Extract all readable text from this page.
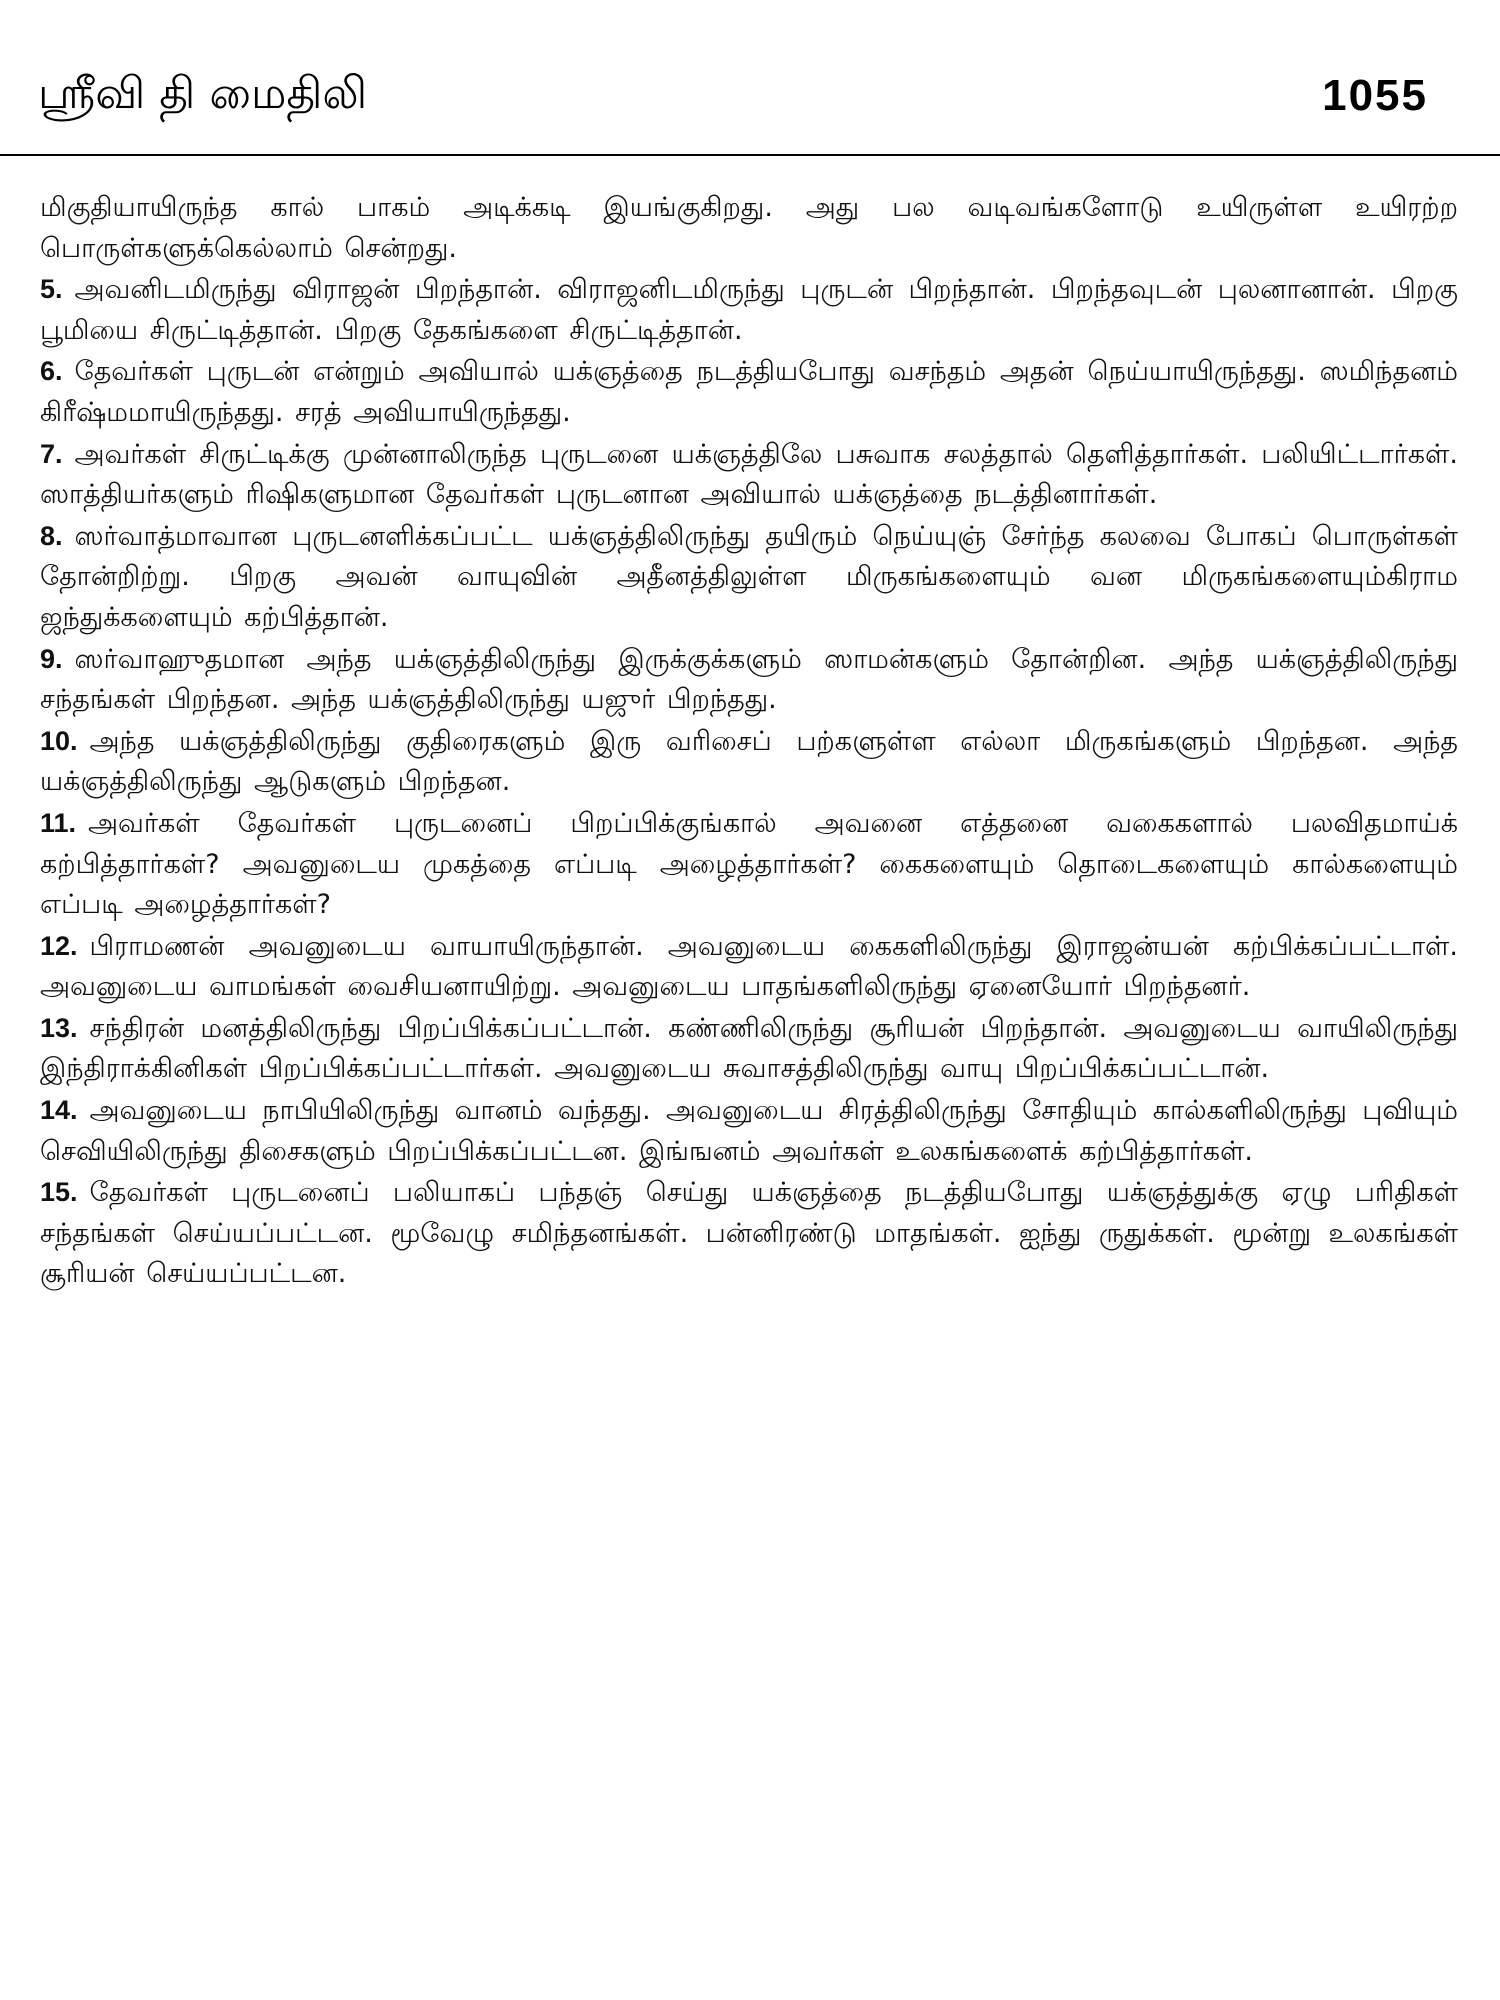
ஸ்ரீவி தி மைதிலி	1055

மிகுதியாயிருந்த கால் பாகம் அடிக்கடி இயங்குகிறது. அது பல வடிவங்களோடு உயிருள்ள உயிரற்ற பொருள்களுக்கெல்லாம் சென்றது.

5. அவனிடமிருந்து விராஜன் பிறந்தான். விராஜனிடமிருந்து புருடன் பிறந்தான். பிறந்தவுடன் புலனானான். பிறகு பூமியை சிருட்டித்தான். பிறகு தேகங்களை சிருட்டித்தான்.

6. தேவர்கள் புருடன் என்றும் அவியால் யக்ஞத்தை நடத்தியபோது வசந்தம் அதன் நெய்யாயிருந்தது. ஸமிந்தனம் கிரீஷ்மமாயிருந்தது. சரத் அவியாயிருந்தது.

7. அவர்கள் சிருட்டிக்கு முன்னாலிருந்த புருடனை யக்ஞத்திலே பசுவாக சலத்தால் தெளித்தார்கள். பலியிட்டார்கள். ஸாத்தியர்களும் ரிஷிகளுமான தேவர்கள் புருடனான அவியால் யக்ஞத்தை நடத்தினார்கள்.

8. ஸர்வாத்மாவான புருடனளிக்கப்பட்ட யக்ஞத்திலிருந்து தயிரும் நெய்யுஞ் சேர்ந்த கலவை போகப் பொருள்கள் தோன்றிற்று. பிறகு அவன் வாயுவின் அதீனத்திலுள்ள மிருகங்களையும் வன மிருகங்களையும்கிராம ஜந்துக்களையும் கற்பித்தான்.

9. ஸர்வாஹுதமான அந்த யக்ஞத்திலிருந்து இருக்குக்களும் ஸாமன்களும் தோன்றின. அந்த யக்ஞத்திலிருந்து சந்தங்கள் பிறந்தன. அந்த யக்ஞத்திலிருந்து யஜுர் பிறந்தது.

10. அந்த யக்ஞத்திலிருந்து குதிரைகளும் இரு வரிசைப் பற்களுள்ள எல்லா மிருகங்களும் பிறந்தன. அந்த யக்ஞத்திலிருந்து ஆடுகளும் பிறந்தன.

11. அவர்கள் தேவர்கள் புருடனைப் பிறப்பிக்குங்கால் அவனை எத்தனை வகைகளால் பலவிதமாய்க் கற்பித்தார்கள்? அவனுடைய முகத்தை எப்படி அழைத்தார்கள்? கைகளையும் தொடைகளையும் கால்களையும் எப்படி அழைத்தார்கள்?

12. பிராமணன் அவனுடைய வாயாயிருந்தான். அவனுடைய கைகளிலிருந்து இராஜன்யன் கற்பிக்கப்பட்டாள். அவனுடைய வாமங்கள் வைசியனாயிற்று. அவனுடைய பாதங்களிலிருந்து ஏனையோர் பிறந்தனர்.

13. சந்திரன் மனத்திலிருந்து பிறப்பிக்கப்பட்டான். கண்ணிலிருந்து சூரியன் பிறந்தான். அவனுடைய வாயிலிருந்து இந்திராக்கினிகள் பிறப்பிக்கப்பட்டார்கள். அவனுடைய சுவாசத்திலிருந்து வாயு பிறப்பிக்கப்பட்டான்.

14. அவனுடைய நாபியிலிருந்து வானம் வந்தது. அவனுடைய சிரத்திலிருந்து சோதியும் கால்களிலிருந்து புவியும் செவியிலிருந்து திசைகளும் பிறப்பிக்கப்பட்டன. இங்ஙனம் அவர்கள் உலகங்களைக் கற்பித்தார்கள்.

15. தேவர்கள் புருடனைப் பலியாகப் பந்தஞ் செய்து யக்ஞத்தை நடத்தியபோது யக்ஞத்துக்கு ஏழு பரிதிகள் சந்தங்கள் செய்யப்பட்டன. மூவேழு சமிந்தனங்கள். பன்னிரண்டு மாதங்கள். ஐந்து ருதுக்கள். மூன்று உலகங்கள் சூரியன் செய்யப்பட்டன.
